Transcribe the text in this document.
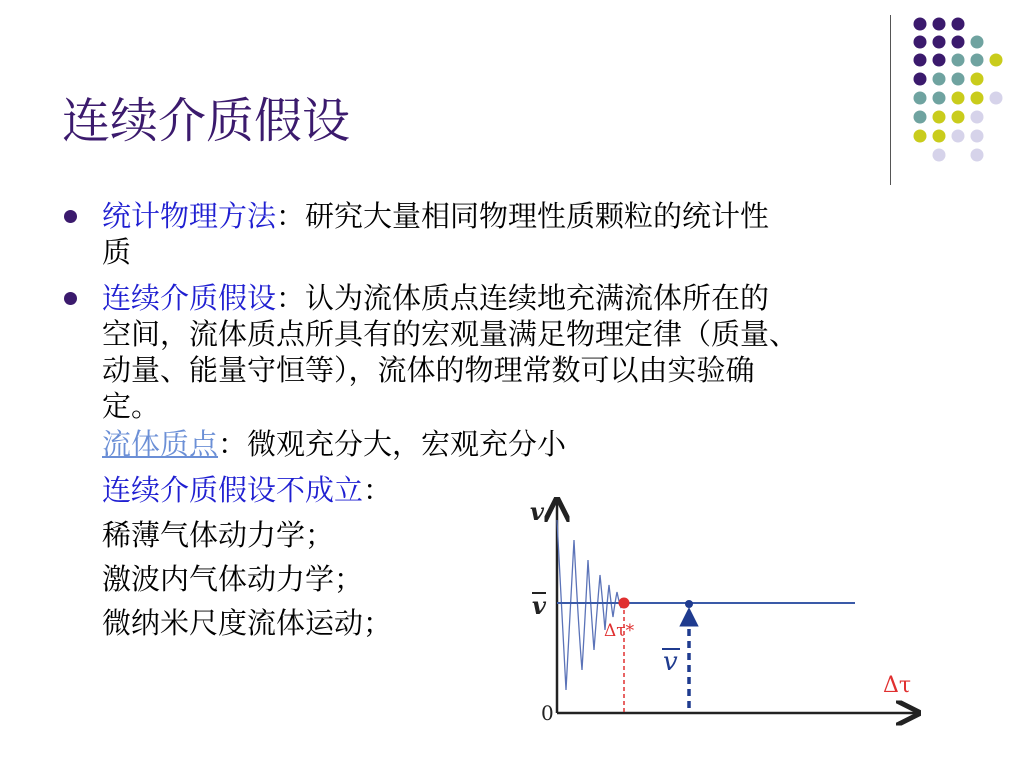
连续介质假设
统计物理方法：研究大量相同物理性质颗粒的统计性
质
连续介质假设：认为流体质点连续地充满流体所在的
空间，流体质点所具有的宏观量满足物理定律（质量、
动量、能量守恒等），流体的物理常数可以由实验确
定。
流体质点：微观充分大，宏观充分小
连续介质假设不成立：
稀薄气体动力学；
激波内气体动力学；
微纳米尺度流体运动；
v
v
0
Δτ
Δτ*
v
